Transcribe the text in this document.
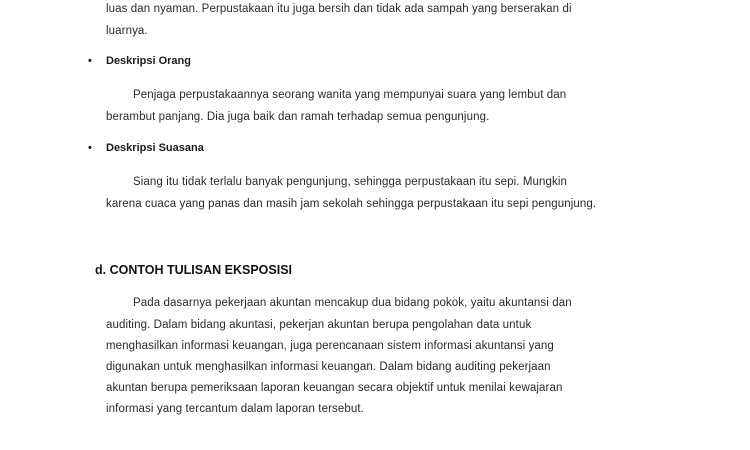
luas dan nyaman. Perpustakaan itu juga bersih dan tidak ada sampah yang berserakan di
luarnya.
• Deskripsi Orang
Penjaga perpustakaannya seorang wanita yang mempunyai suara yang lembut dan
berambut panjang. Dia juga baik dan ramah terhadap semua pengunjung.
• Deskripsi Suasana
Siang itu tidak terlalu banyak pengunjung, sehingga perpustakaan itu sepi. Mungkin
karena cuaca yang panas dan masih jam sekolah sehingga perpustakaan itu sepi pengunjung.
d. CONTOH TULISAN EKSPOSISI
Pada dasarnya pekerjaan akuntan mencakup dua bidang pokok, yaitu akuntansi dan
auditing. Dalam bidang akuntasi, pekerjan akuntan berupa pengolahan data untuk
menghasilkan informasi keuangan, juga perencanaan sistem informasi akuntansi yang
digunakan untuk menghasilkan informasi keuangan. Dalam bidang auditing pekerjaan
akuntan berupa pemeriksaan laporan keuangan secara objektif untuk menilai kewajaran
informasi yang tercantum dalam laporan tersebut.
